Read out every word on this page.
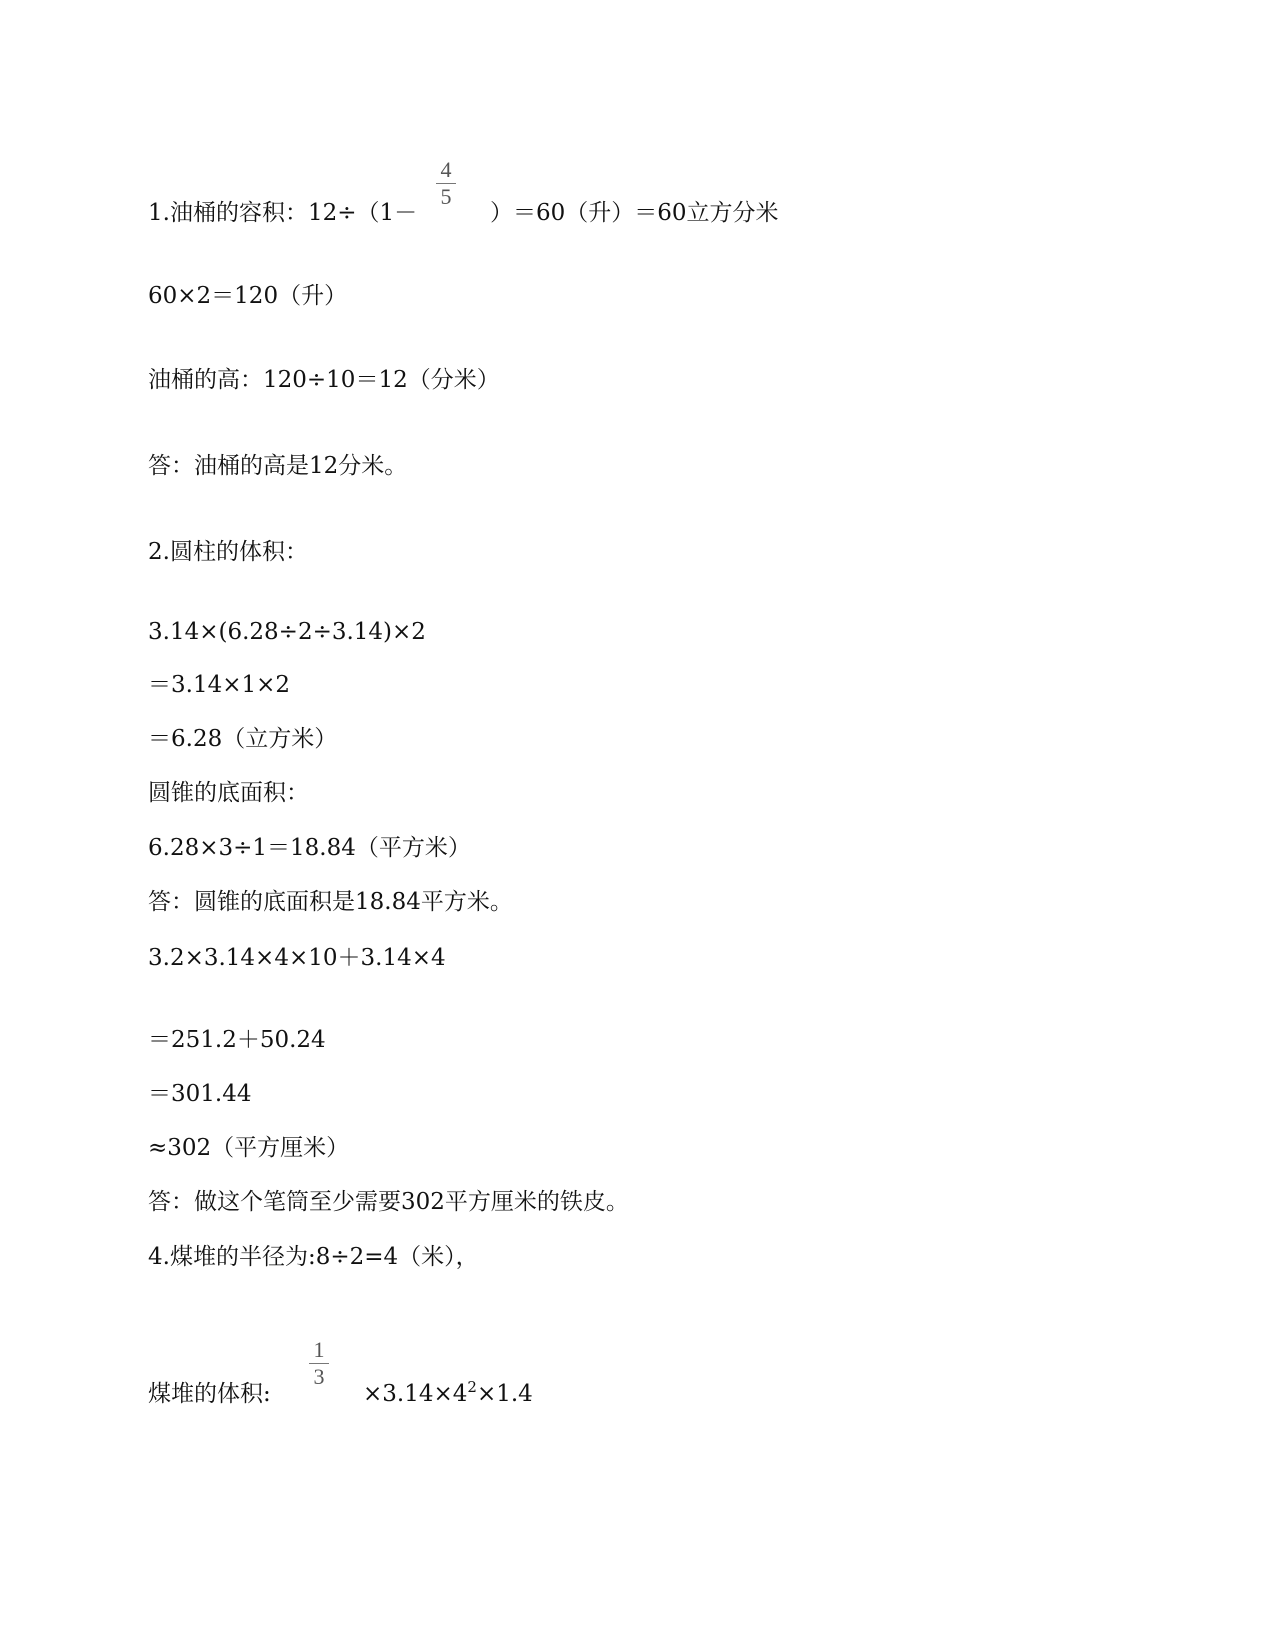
4
5
1.油桶的容积：12÷（1－	）＝60（升）＝60立方分米
60×2＝120（升）
油桶的高：120÷10＝12（分米）
答：油桶的高是12分米。
2.圆柱的体积：
3.14×(6.28÷2÷3.14)×2
＝3.14×1×2
＝6.28（立方米）
圆锥的底面积：
6.28×3÷1＝18.84（平方米）
答：圆锥的底面积是18.84平方米。
3.2×3.14×4×10＋3.14×4
＝251.2＋50.24
＝301.44
≈302（平方厘米）
答：做这个笔筒至少需要302平方厘米的铁皮。
4.煤堆的半径为:8÷2=4（米），
1
3
煤堆的体积:	$\times 3.14\times 4^2\times 1.4$
